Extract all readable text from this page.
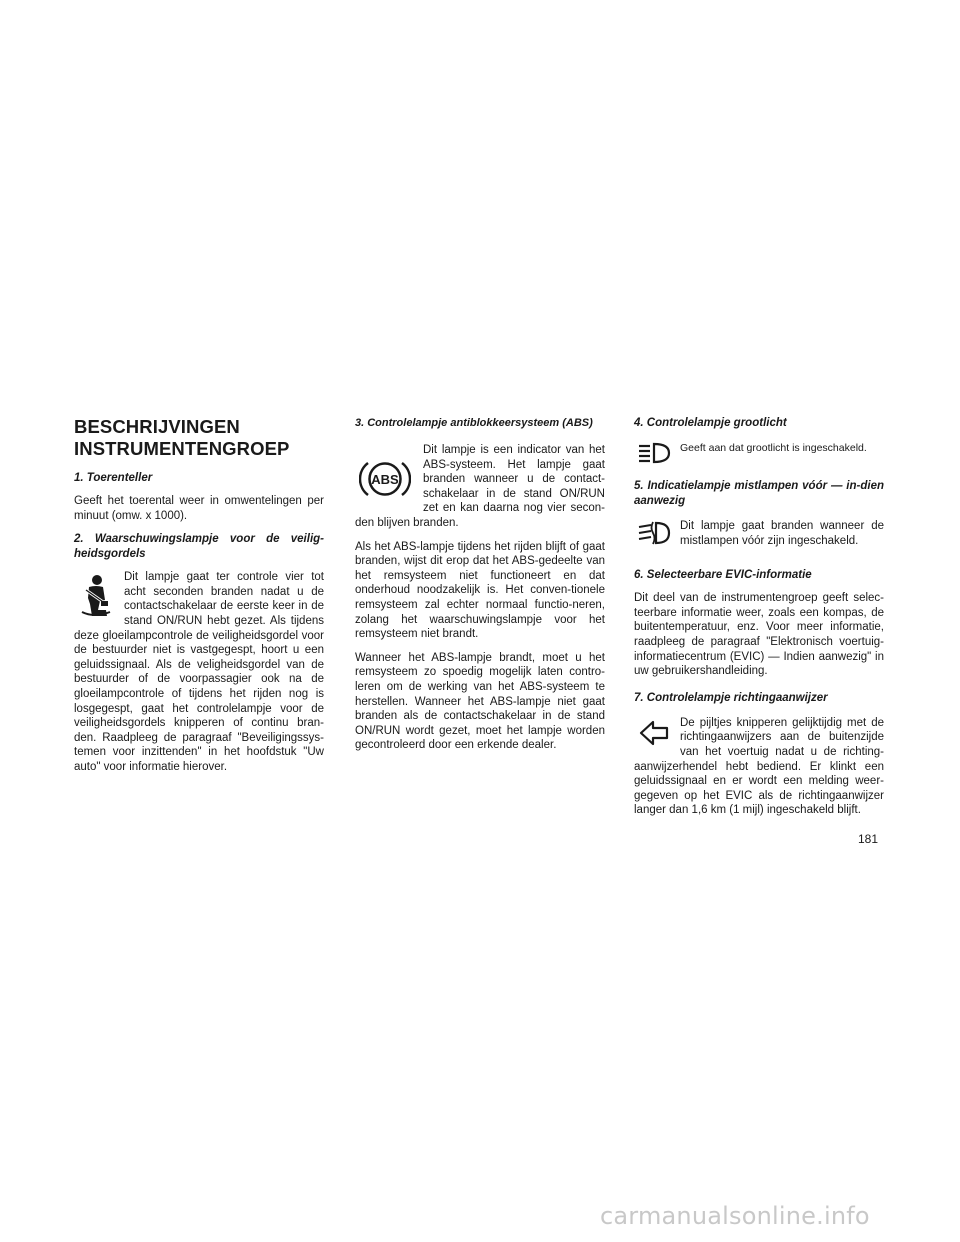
BESCHRIJVINGEN
INSTRUMENTENGROEP
1. Toerenteller

Geeft het toerental weer in omwentelingen per minuut (omw. x 1000).

2. Waarschuwingslampje voor de veilig-heidsgordels

Dit lampje gaat ter controle vier tot acht seconden branden nadat u de contactschakelaar de eerste keer in de stand ON/RUN hebt gezet. Als tijdens deze gloeilampcontrole de veiligheidsgordel voor de bestuurder niet is vastgegespt, hoort u een geluidssignaal. Als de veligheidsgordel van de bestuurder of de voorpassagier ook na de gloeilampcontrole of tijdens het rijden nog is losgegespt, gaat het controlelampje voor de veiligheidsgordels knipperen of continu bran-den. Raadpleeg de paragraaf "Beveiligingssys-temen voor inzittenden" in het hoofdstuk "Uw auto" voor informatie hierover.

3. Controlelampje antiblokkeersysteem (ABS)
ABS

Dit lampje is een indicator van het ABS-systeem. Het lampje gaat branden wanneer u de contact-schakelaar in de stand ON/RUN zet en kan daarna nog vier secon-den blijven branden.

Als het ABS-lampje tijdens het rijden blijft of gaat branden, wijst dit erop dat het ABS-gedeelte van het remsysteem niet functioneert en dat onderhoud noodzakelijk is. Het conven-tionele remsysteem zal echter normaal functio-neren, zolang het waarschuwingslampje voor het remsysteem niet brandt.

Wanneer het ABS-lampje brandt, moet u het remsysteem zo spoedig mogelijk laten contro-leren om de werking van het ABS-systeem te herstellen. Wanneer het ABS-lampje niet gaat branden als de contactschakelaar in de stand ON/RUN wordt gezet, moet het lampje worden gecontroleerd door een erkende dealer.

4. Controlelampje grootlicht

Geeft aan dat grootlicht is ingeschakeld.

5. Indicatielampje mistlampen vóór — in-dien aanwezig

Dit lampje gaat branden wanneer de mistlampen vóór zijn ingeschakeld.

6. Selecteerbare EVIC-informatie

Dit deel van de instrumentengroep geeft selec-teerbare informatie weer, zoals een kompas, de buitentemperatuur, enz. Voor meer informatie, raadpleeg de paragraaf "Elektronisch voertuig-informatiecentrum (EVIC) — Indien aanwezig" in uw gebruikershandleiding.

7. Controlelampje richtingaanwijzer

De pijltjes knipperen gelijktijdig met de richtingaanwijzers aan de buitenzijde van het voertuig nadat u de richting-aanwijzerhendel hebt bediend. Er klinkt een geluidssignaal en er wordt een melding weer-gegeven op het EVIC als de richtingaanwijzer langer dan 1,6 km (1 mijl) ingeschakeld blijft.

181
carmanualsonline.info
